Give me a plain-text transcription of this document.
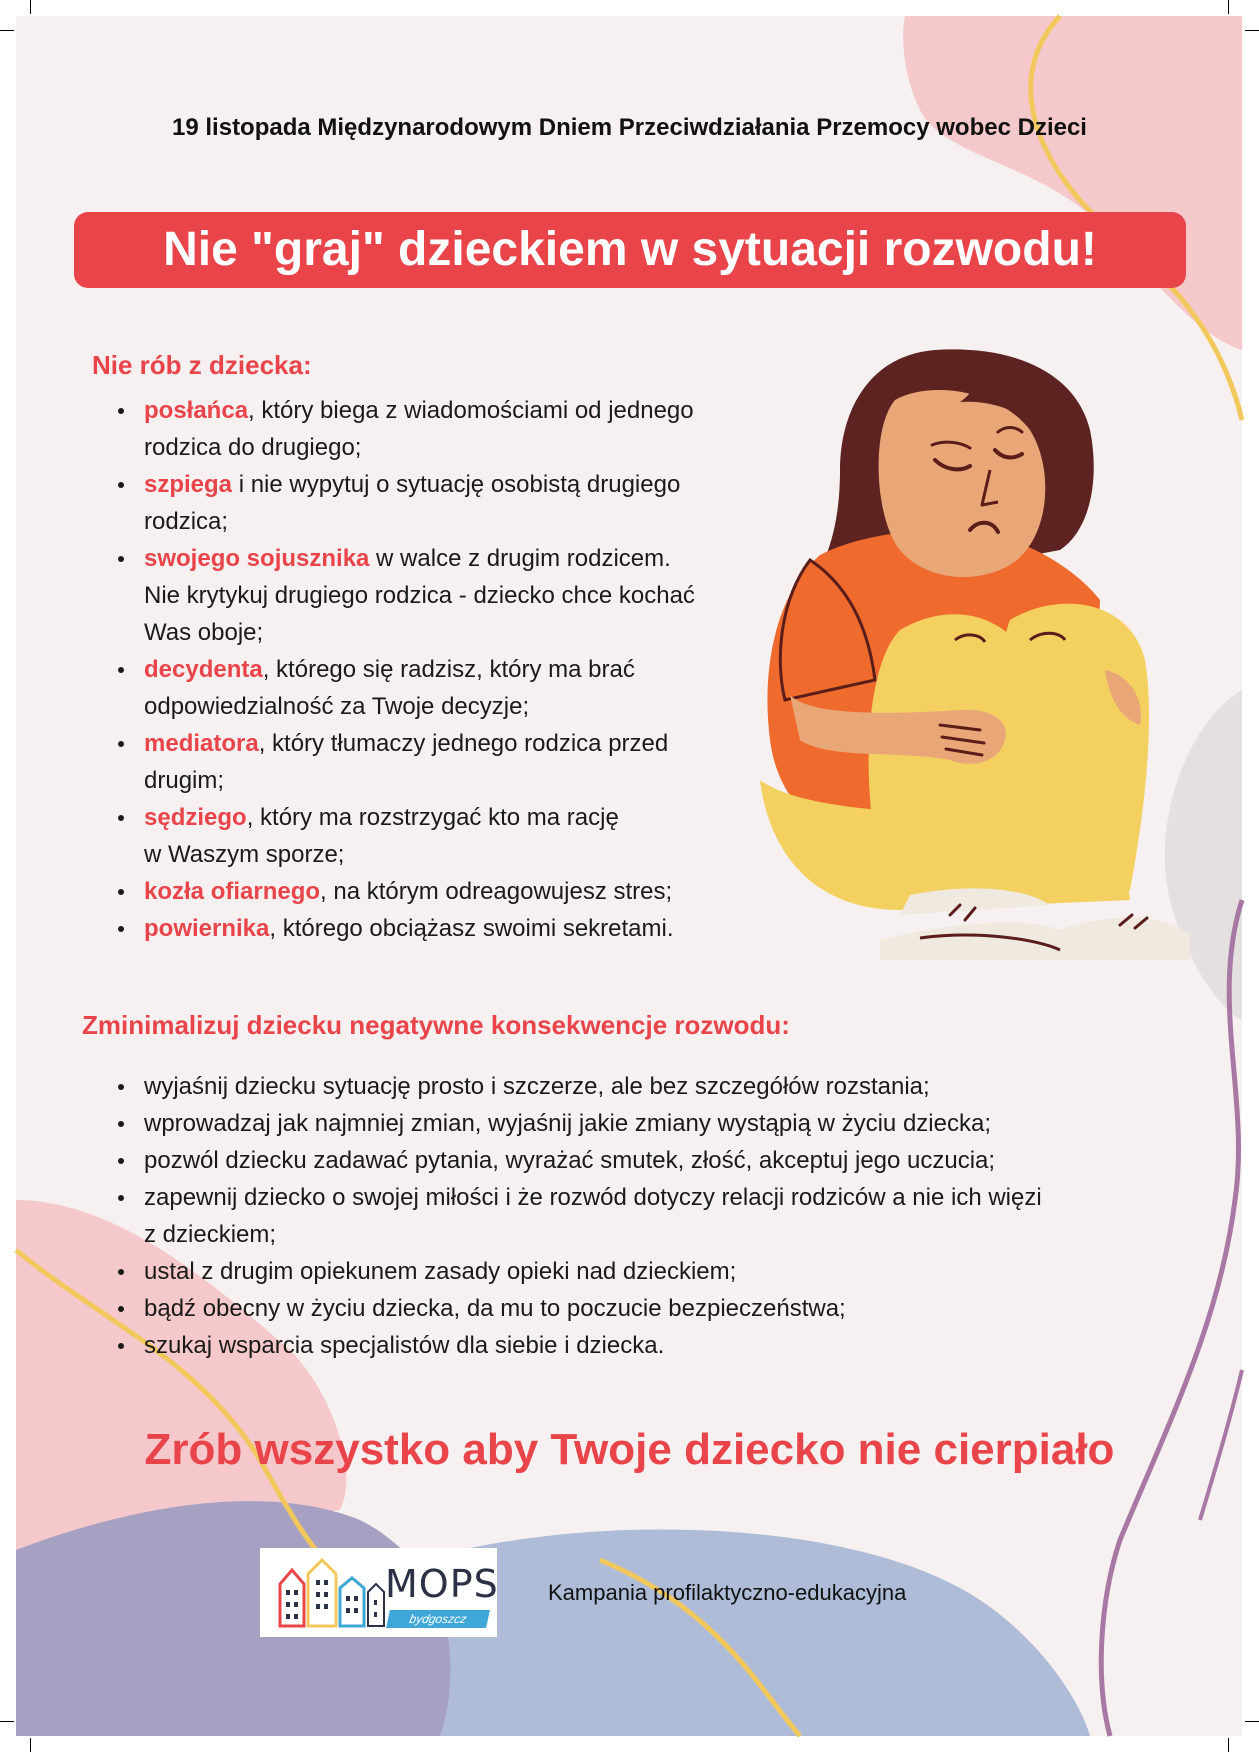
19 listopada Międzynarodowym Dniem Przeciwdziałania Przemocy wobec Dzieci
Nie "graj" dzieckiem w sytuacji rozwodu!
Nie rób z dziecka:
posłańca, który biega z wiadomościami od jednego
rodzica do drugiego;
szpiega i nie wypytuj o sytuację osobistą drugiego
rodzica;
swojego sojusznika w walce z drugim rodzicem.
Nie krytykuj drugiego rodzica - dziecko chce kochać
Was oboje;
decydenta, którego się radzisz, który ma brać
odpowiedzialność za Twoje decyzje;
mediatora, który tłumaczy jednego rodzica przed
drugim;
sędziego, który ma rozstrzygać kto ma rację
w Waszym sporze;
kozła ofiarnego, na którym odreagowujesz stres;
powiernika, którego obciążasz swoimi sekretami.
Zminimalizuj dziecku negatywne konsekwencje rozwodu:
wyjaśnij dziecku sytuację prosto i szczerze, ale bez szczegółów rozstania;
wprowadzaj jak najmniej zmian, wyjaśnij jakie zmiany wystąpią w życiu dziecka;
pozwól dziecku zadawać pytania, wyrażać smutek, złość, akceptuj jego uczucia;
zapewnij dziecko o swojej miłości i że rozwód dotyczy relacji rodziców a nie ich więzi
z dzieckiem;
ustal z drugim opiekunem zasady opieki nad dzieckiem;
bądź obecny w życiu dziecka, da mu to poczucie bezpieczeństwa;
szukaj wsparcia specjalistów dla siebie i dziecka.
Zrób wszystko aby Twoje dziecko nie cierpiało
MOPS
bydgoszcz
Kampania profilaktyczno-edukacyjna
